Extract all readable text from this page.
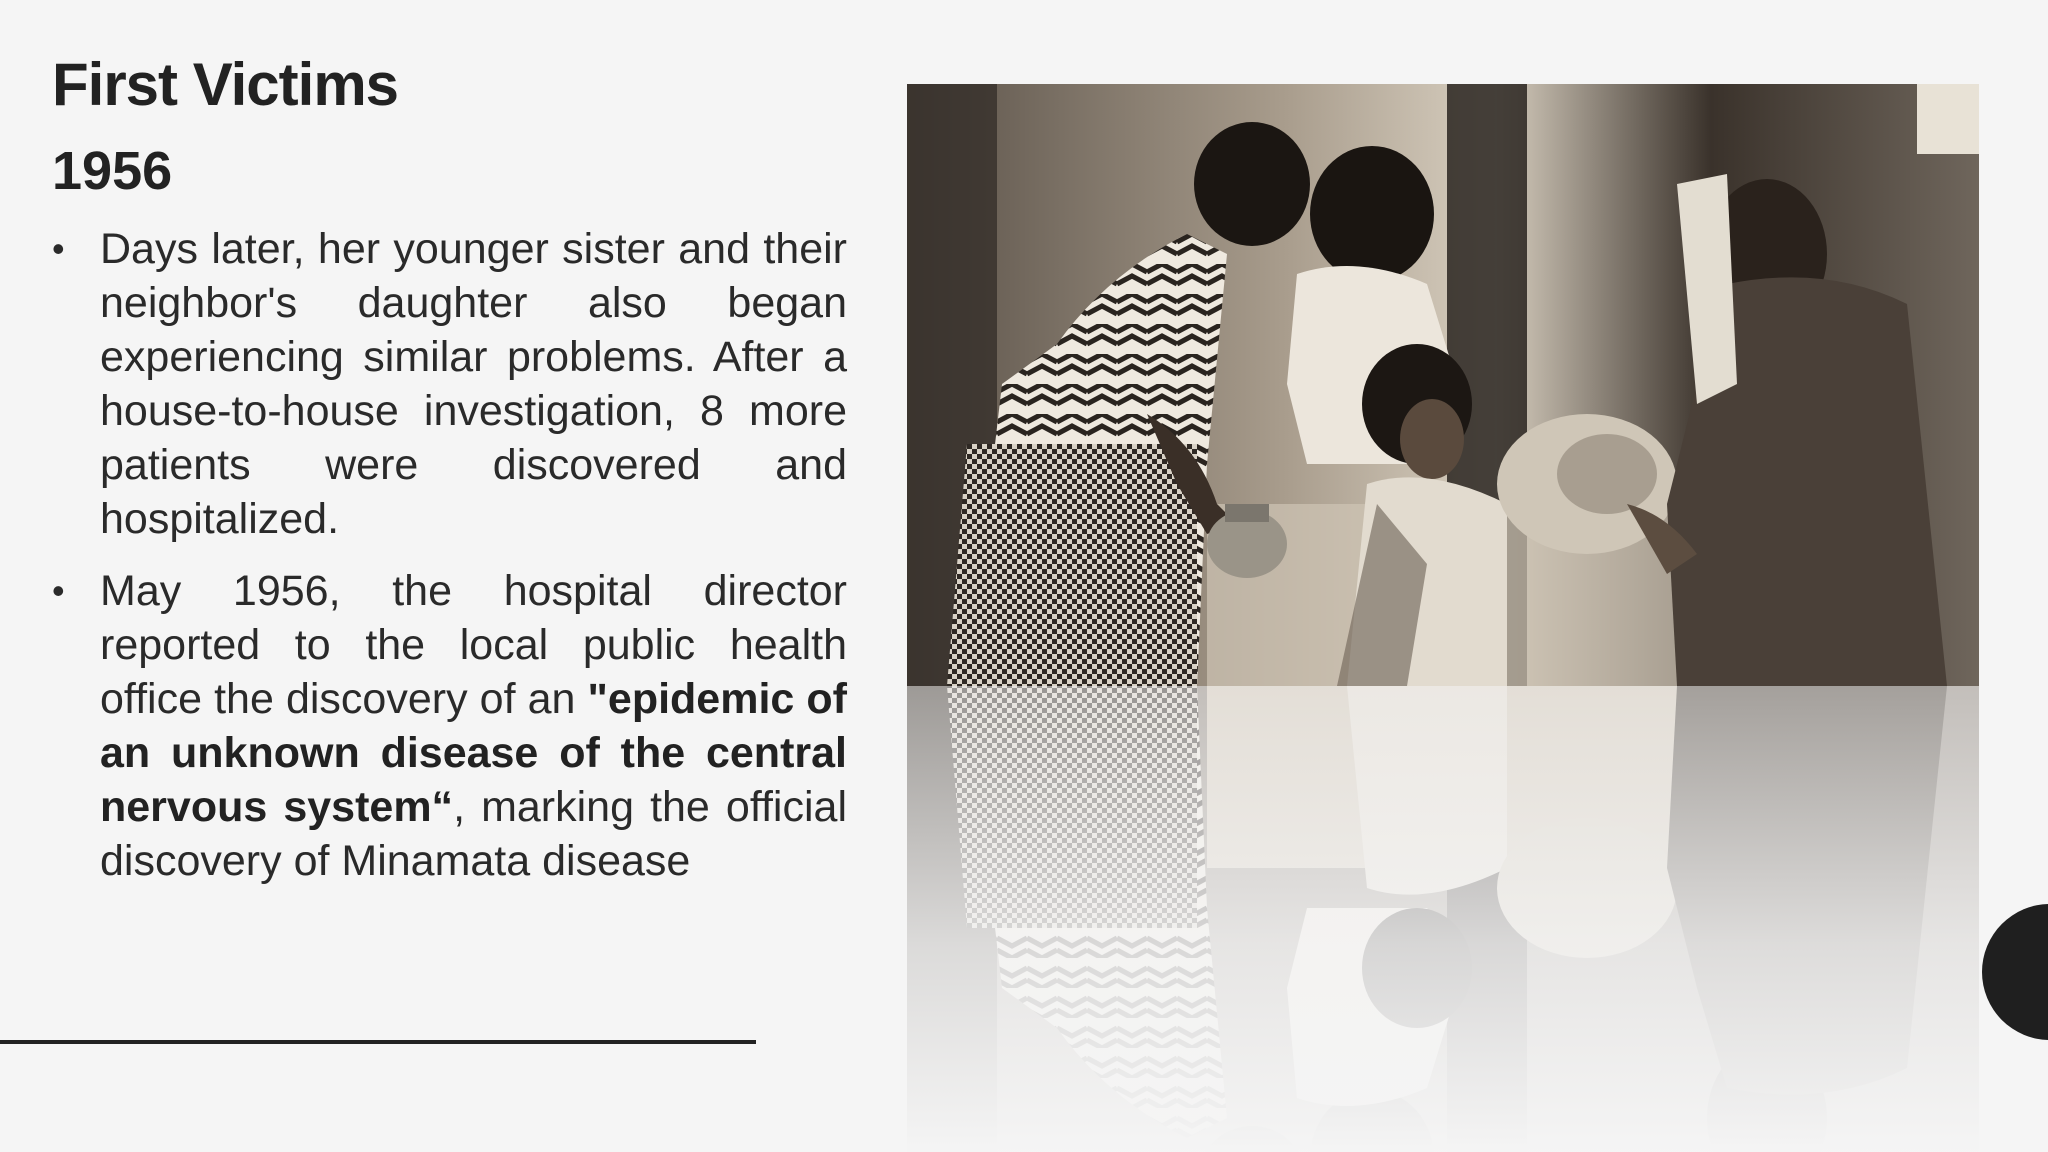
First Victims
1956
• Days later, her younger sister and their neighbor's daughter also began experiencing similar problems. After a house-to-house investigation, 8 more patients were discovered and hospitalized.
• May 1956, the hospital director reported to the local public health office the discovery of an "epidemic of an unknown disease of the central nervous system“, marking the official discovery of Minamata disease
